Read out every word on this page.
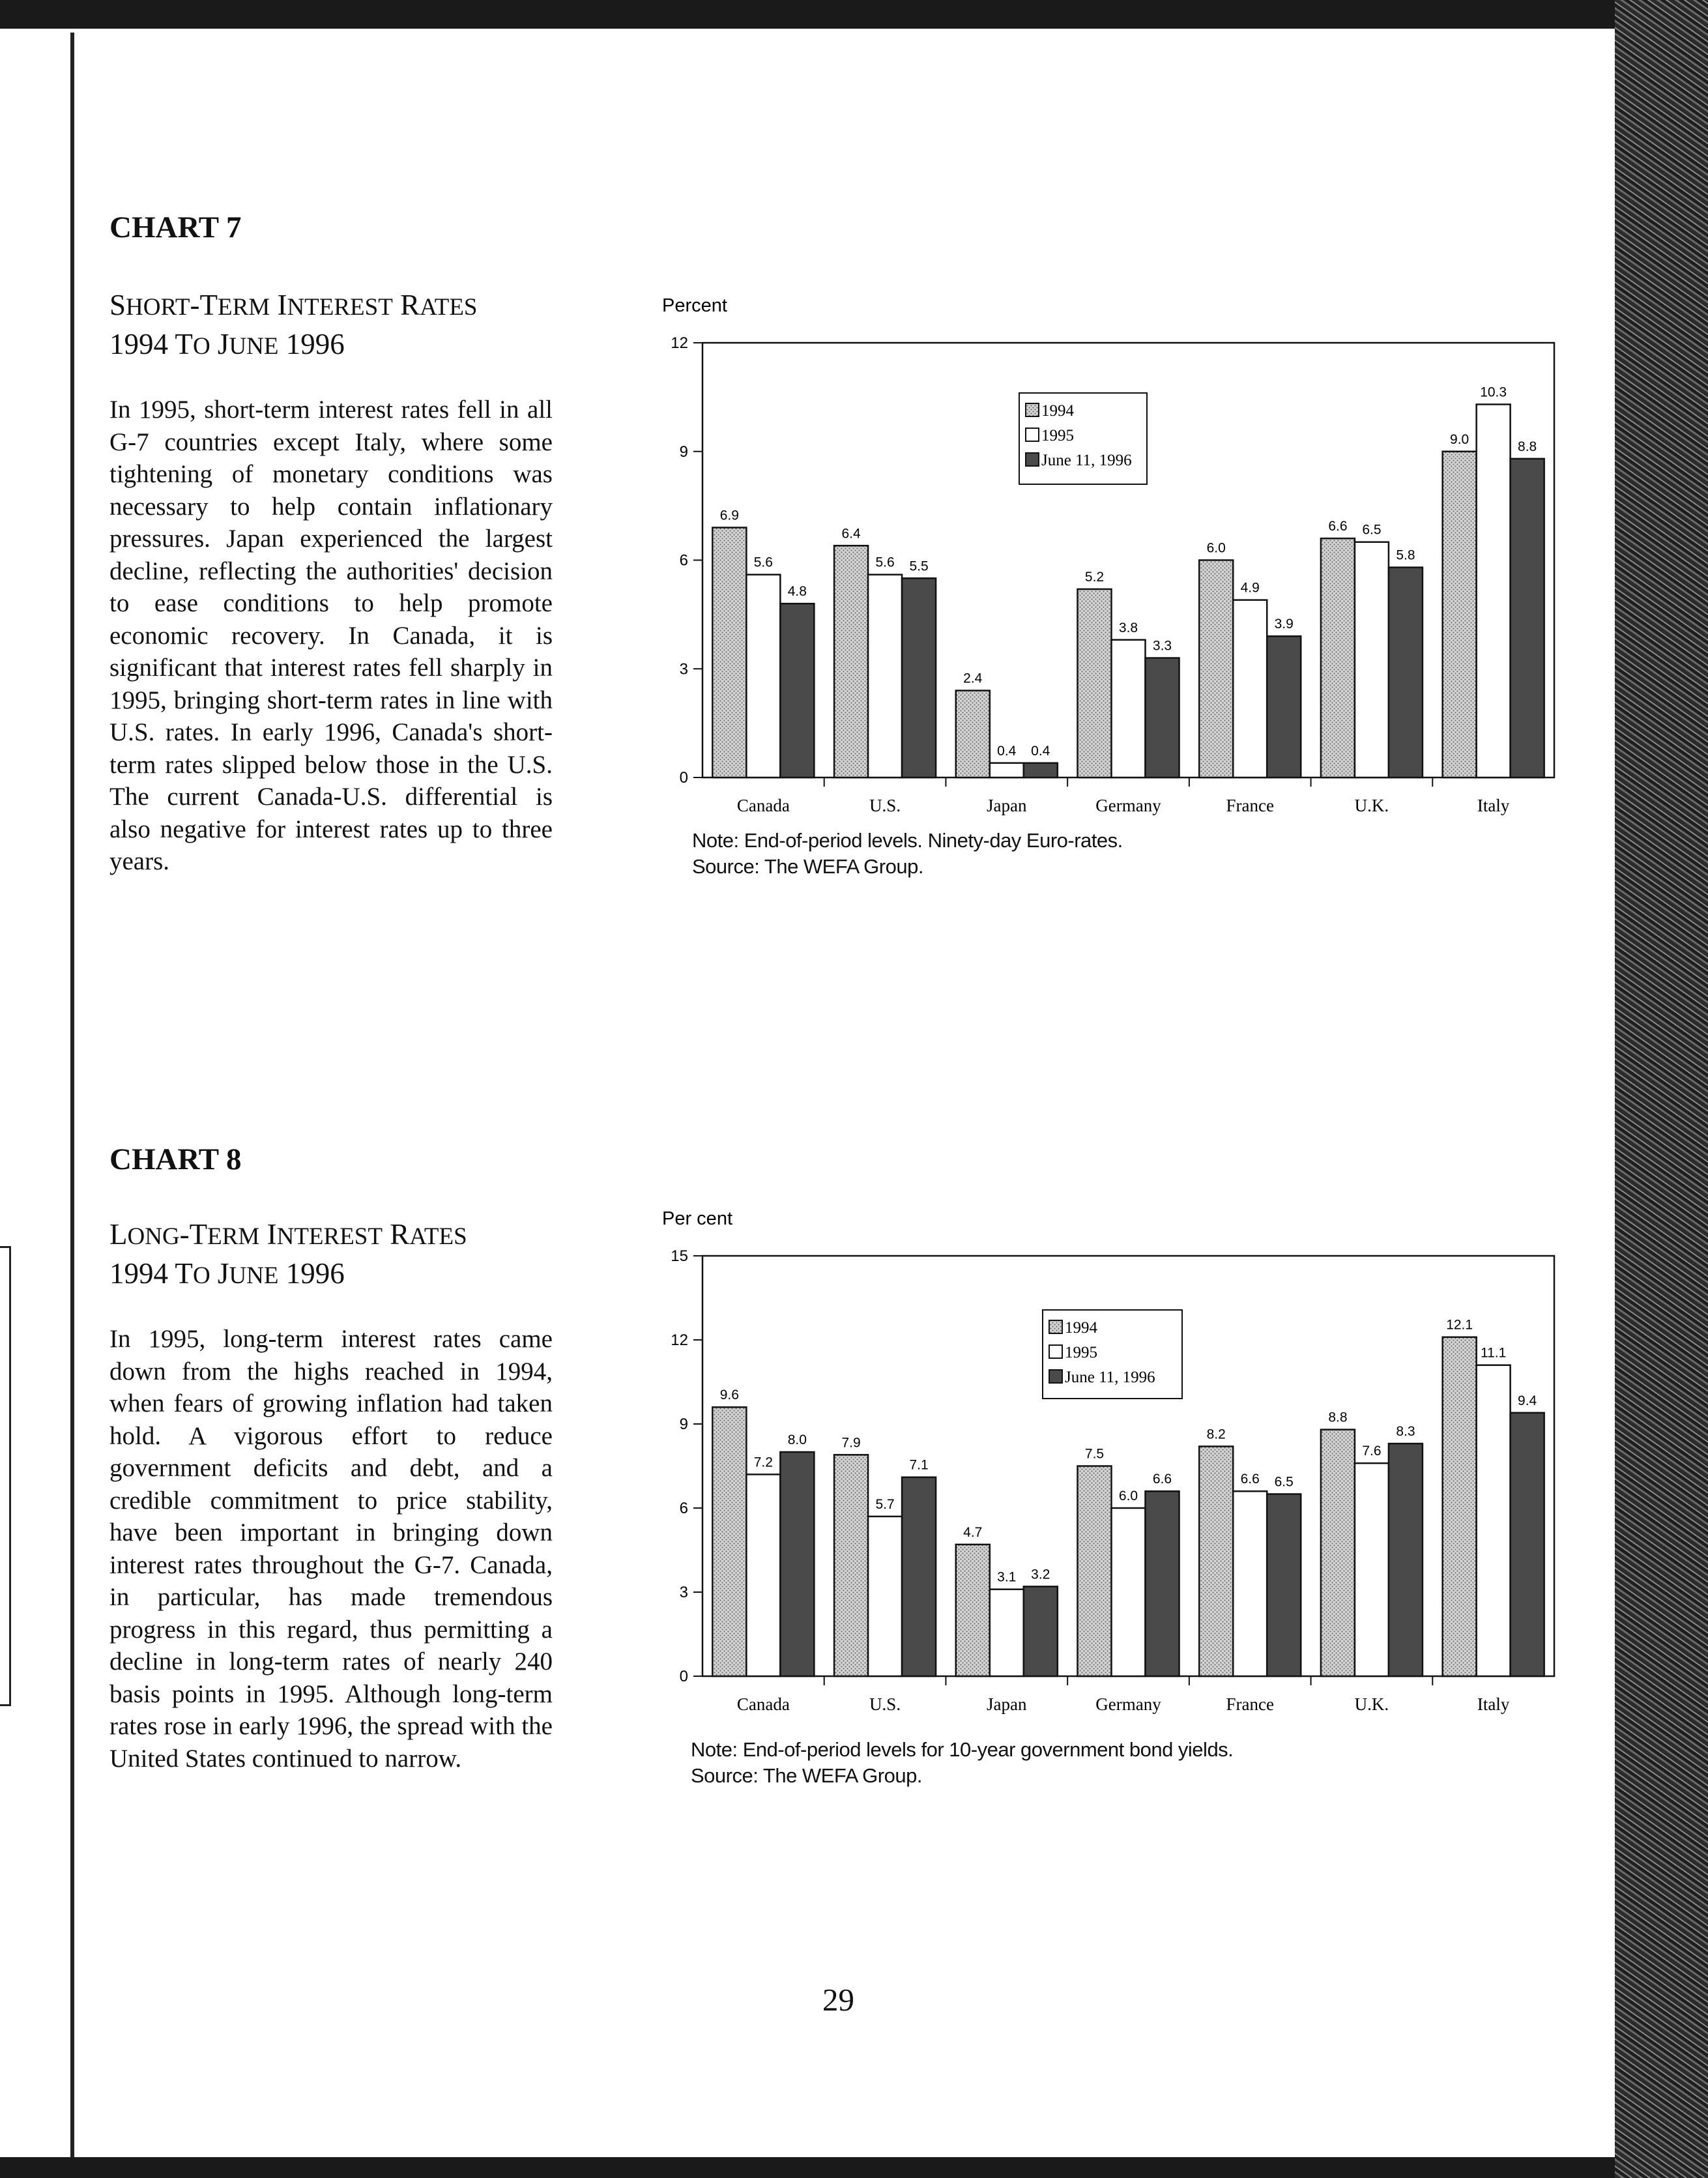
CHART 7
SHORT-TERM INTEREST RATES
1994 TO JUNE 1996

In 1995, short-term interest rates fell in all G-7 countries except Italy, where some tightening of monetary conditions was necessary to help contain inflationary pressures. Japan experienced the largest decline, reflecting the authorities' decision to ease conditions to help promote economic recovery. In Canada, it is significant that interest rates fell sharply in 1995, bringing short-term rates in line with U.S. rates. In early 1996, Canada's short-term rates slipped below those in the U.S. The current Canada-U.S. differential is also negative for interest rates up to three years.

CHART 8
LONG-TERM INTEREST RATES
1994 TO JUNE 1996

In 1995, long-term interest rates came down from the highs reached in 1994, when fears of growing inflation had taken hold. A vigorous effort to reduce government deficits and debt, and a credible commitment to price stability, have been important in bringing down interest rates throughout the G-7. Canada, in particular, has made tremendous progress in this regard, thus permitting a decline in long-term rates of nearly 240 basis points in 1995. Although long-term rates rose in early 1996, the spread with the United States continued to narrow.

Percent
0
3
6
9
12
Canada
6.9
5.6
4.8
U.S.
6.4
5.6 5.5
Japan
2.4
0.4 0.4
Germany
5.2
3.8
3.3
France
6.0
4.9
3.9
U.K.
6.6 6.5
5.8
Italy
9.0
10.3
8.8
1994
1995
June 11, 1996
Per cent
0
3
6
9
12
15
Canada
9.6
7.2
8.0
U.S.
7.9
5.7
7.1
Japan
4.7
3.1 3.2
Germany
7.5
6.0
6.6
France
8.2
6.6 6.5
U.K.
8.8
7.6
8.3
Italy
12.1
11.1
9.4
1994
1995
June 11, 1996
Note: End-of-period levels. Ninety-day Euro-rates.
Source: The WEFA Group.
Note: End-of-period levels for 10-year government bond yields.
Source: The WEFA Group.
29
